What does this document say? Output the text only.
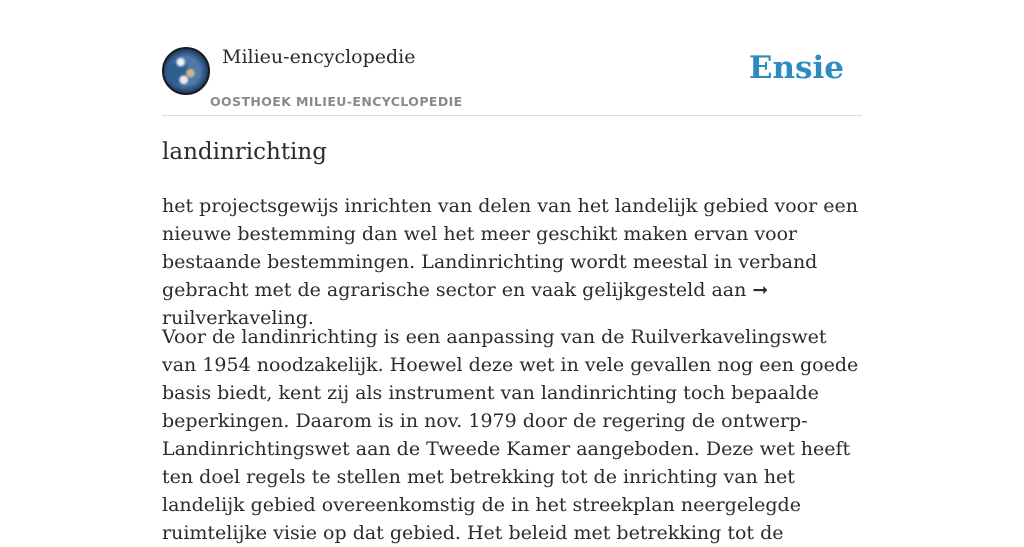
Milieu-encyclopedie
OOSTHOEK MILIEU-ENCYCLOPEDIE
Ensie
landinrichting

het projectsgewijs inrichten van delen van het landelijk gebied voor een nieuwe bestemming dan wel het meer geschikt maken ervan voor bestaande bestemmingen. Landinrichting wordt meestal in verband gebracht met de agrarische sector en vaak gelijkgesteld aan ➞ ruilverkaveling.

Voor de landinrichting is een aanpassing van de Ruilverkavelingswet van 1954 noodzakelijk. Hoewel deze wet in vele gevallen nog een goede basis biedt, kent zij als instrument van landinrichting toch bepaalde beperkingen. Daarom is in nov. 1979 door de regering de ontwerp-Landinrichtingswet aan de Tweede Kamer aangeboden. Deze wet heeft ten doel regels te stellen met betrekking tot de inrichting van het landelijk gebied overeenkomstig de in het streekplan neergelegde ruimtelijke visie op dat gebied. Het beleid met betrekking tot de
